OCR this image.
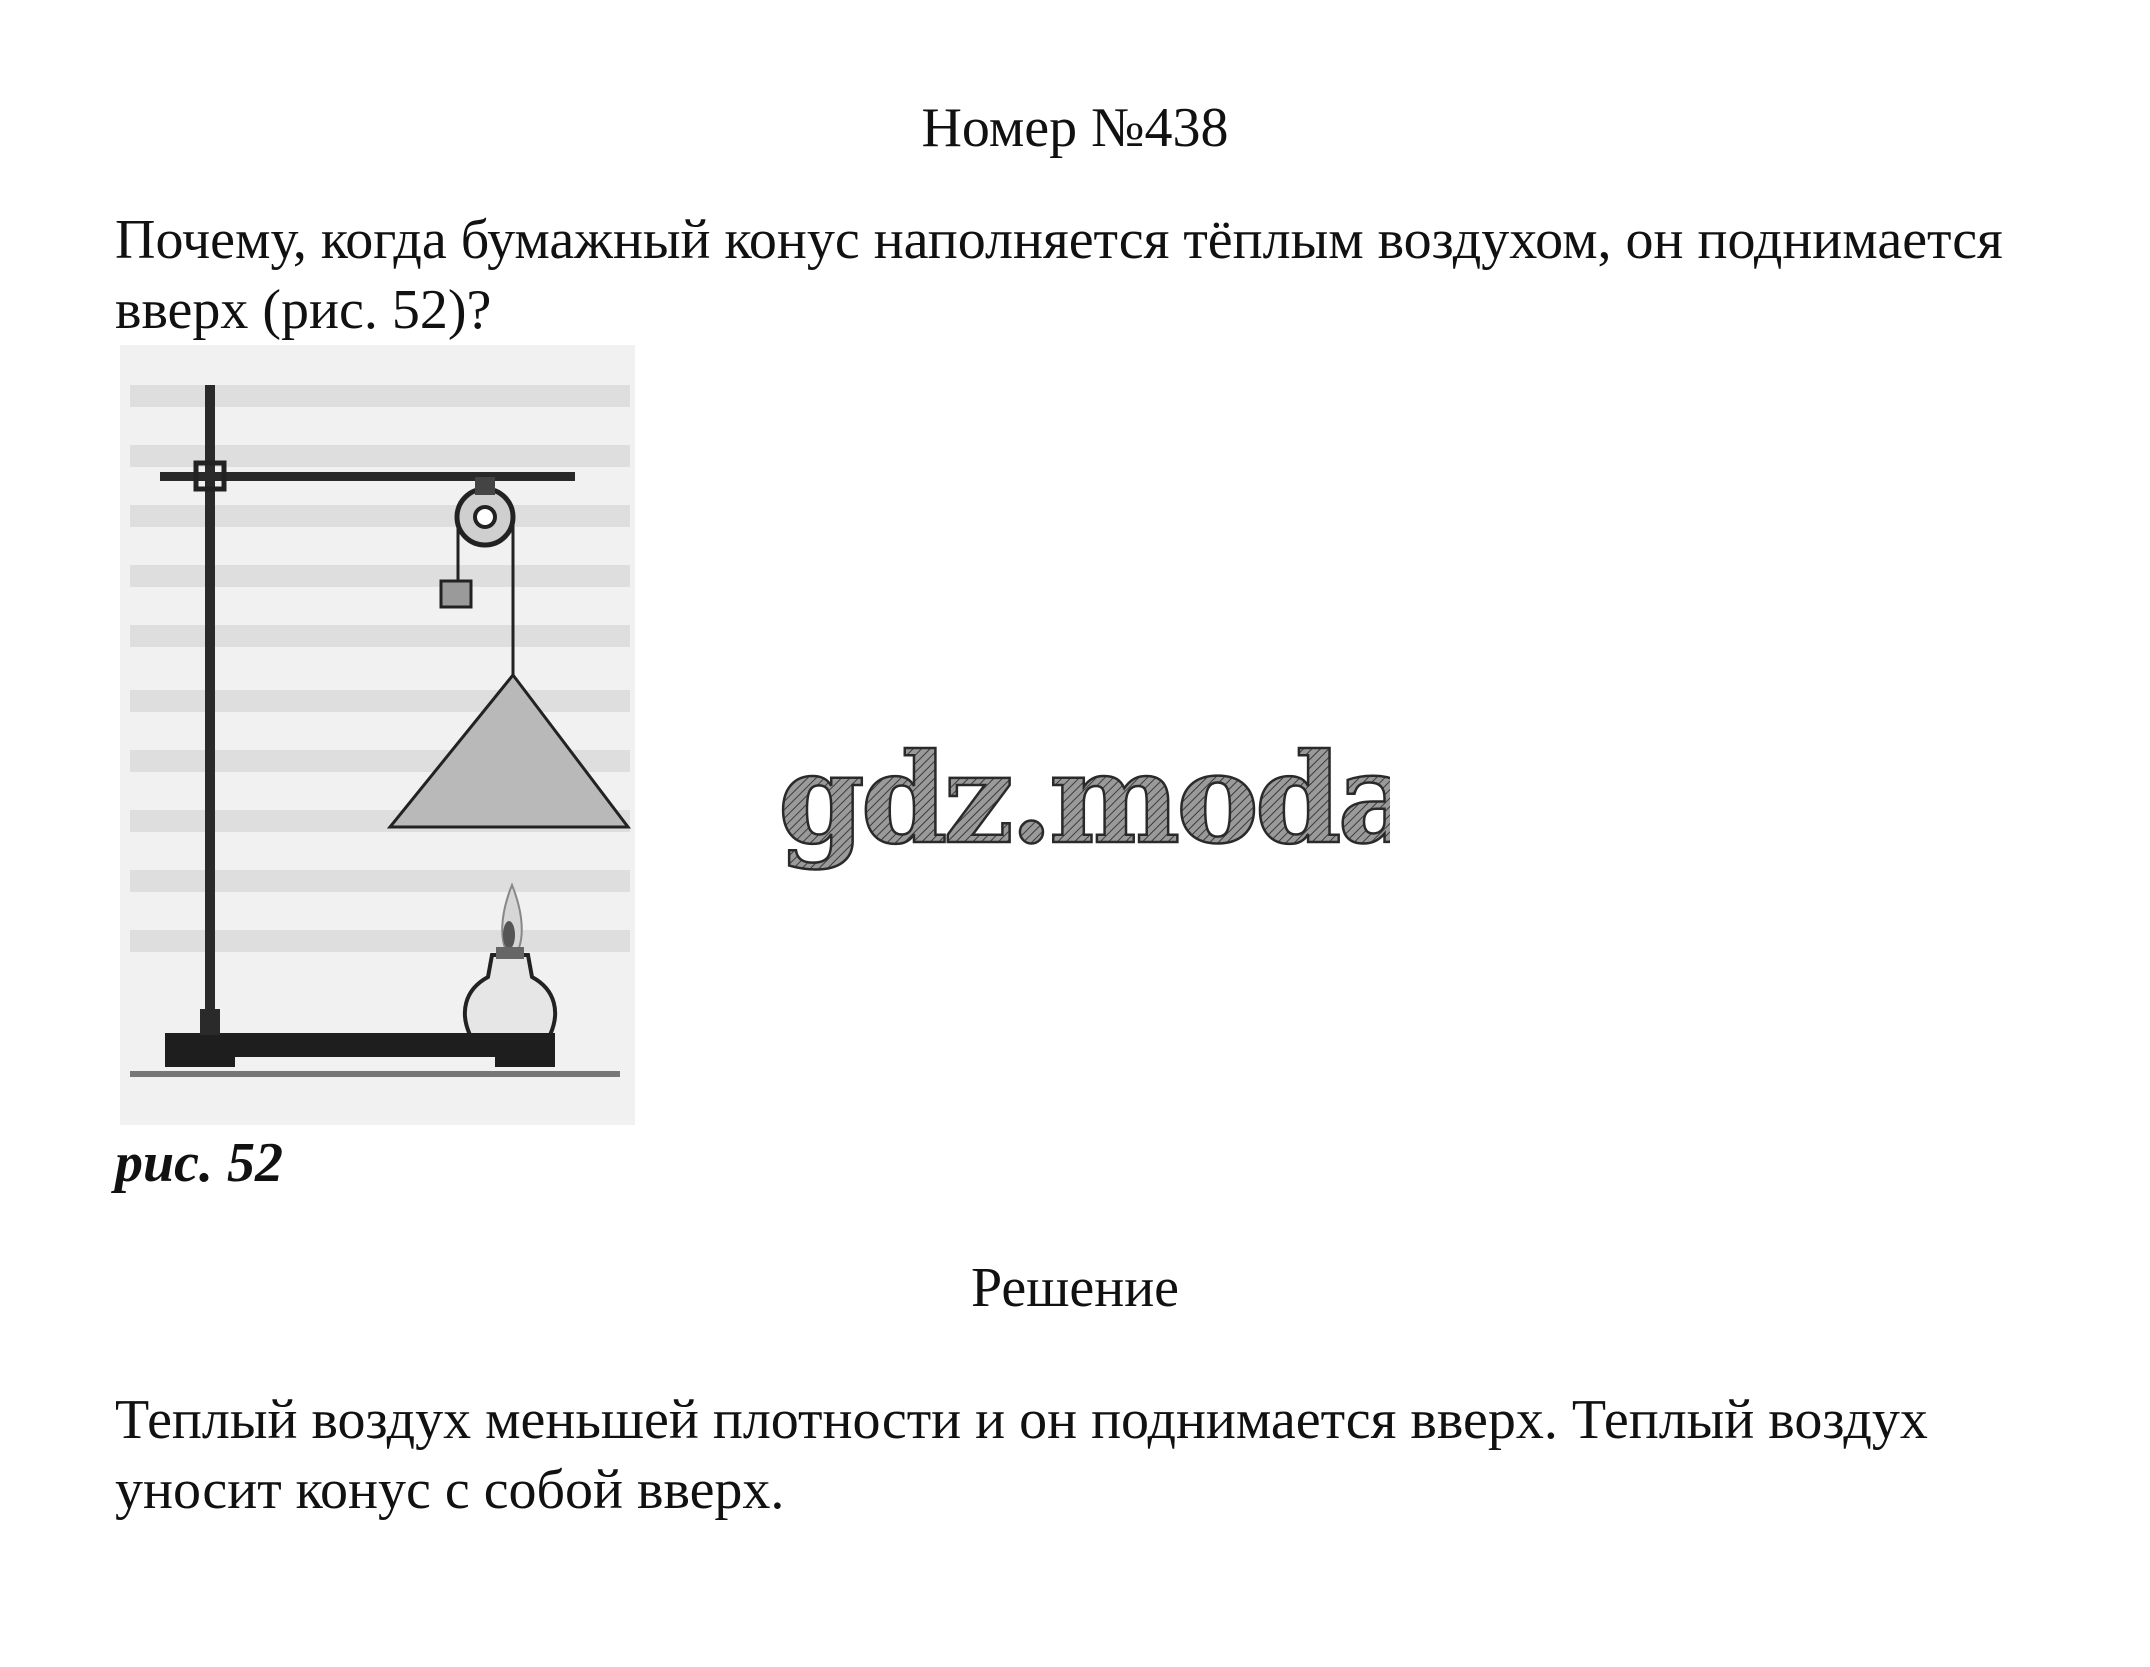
Номер №438
Почему, когда бумажный конус наполняется тёплым воздухом, он поднимается вверх (рис. 52)?
рис. 52
Решение
Теплый воздух меньшей плотности и он поднимается вверх. Теплый воздух уносит конус с собой вверх.
gdz.moda
